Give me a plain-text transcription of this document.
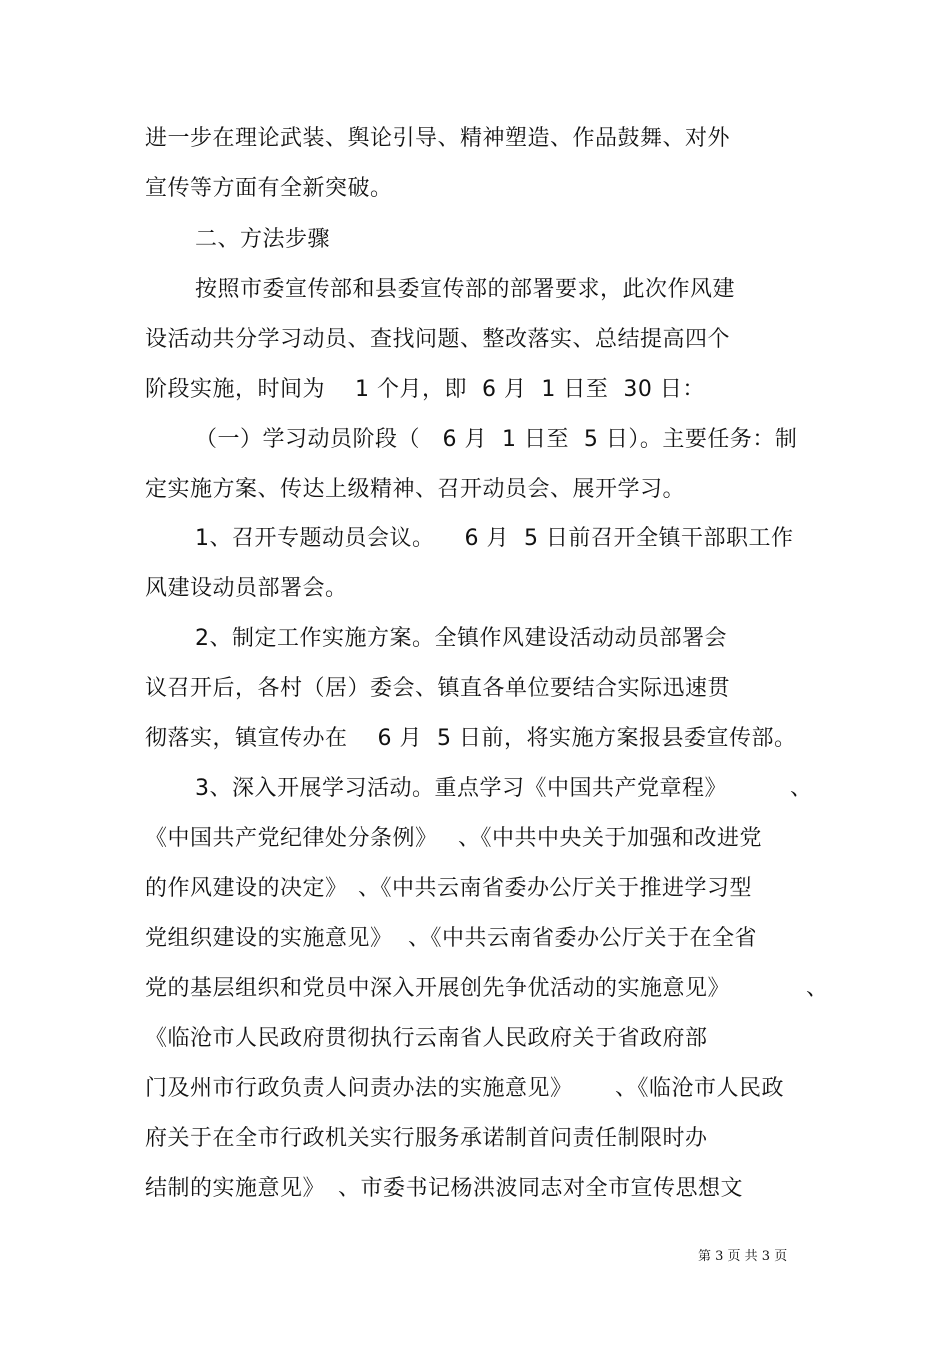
进一步在理论武装、舆论引导、精神塑造、作品鼓舞、对外
宣传等方面有全新突破。
二、方法步骤
按照市委宣传部和县委宣传部的部署要求，此次作风建
设活动共分学习动员、查找问题、整改落实、总结提高四个
阶段实施，时间为    1 个月，即  6 月  1 日至  30 日：
（一）学习动员阶段（   6 月  1 日至  5 日）。主要任务：制
定实施方案、传达上级精神、召开动员会、展开学习。
1、召开专题动员会议。    6 月  5 日前召开全镇干部职工作
风建设动员部署会。
2、制定工作实施方案。全镇作风建设活动动员部署会
议召开后，各村（居）委会、镇直各单位要结合实际迅速贯
彻落实，镇宣传办在    6 月  5 日前，将实施方案报县委宣传部。
3、深入开展学习活动。重点学习《中国共产党章程》	、
《中国共产党纪律处分条例》 、《中共中央关于加强和改进党
的作风建设的决定》 、《中共云南省委办公厅关于推进学习型
党组织建设的实施意见》 、《中共云南省委办公厅关于在全省
党的基层组织和党员中深入开展创先争优活动的实施意见》	、
《临沧市人民政府贯彻执行云南省人民政府关于省政府部
门及州市行政负责人问责办法的实施意见》 、《临沧市人民政
府关于在全市行政机关实行服务承诺制首问责任制限时办
结制的实施意见》 、市委书记杨洪波同志对全市宣传思想文
第 3 页 共 3 页
